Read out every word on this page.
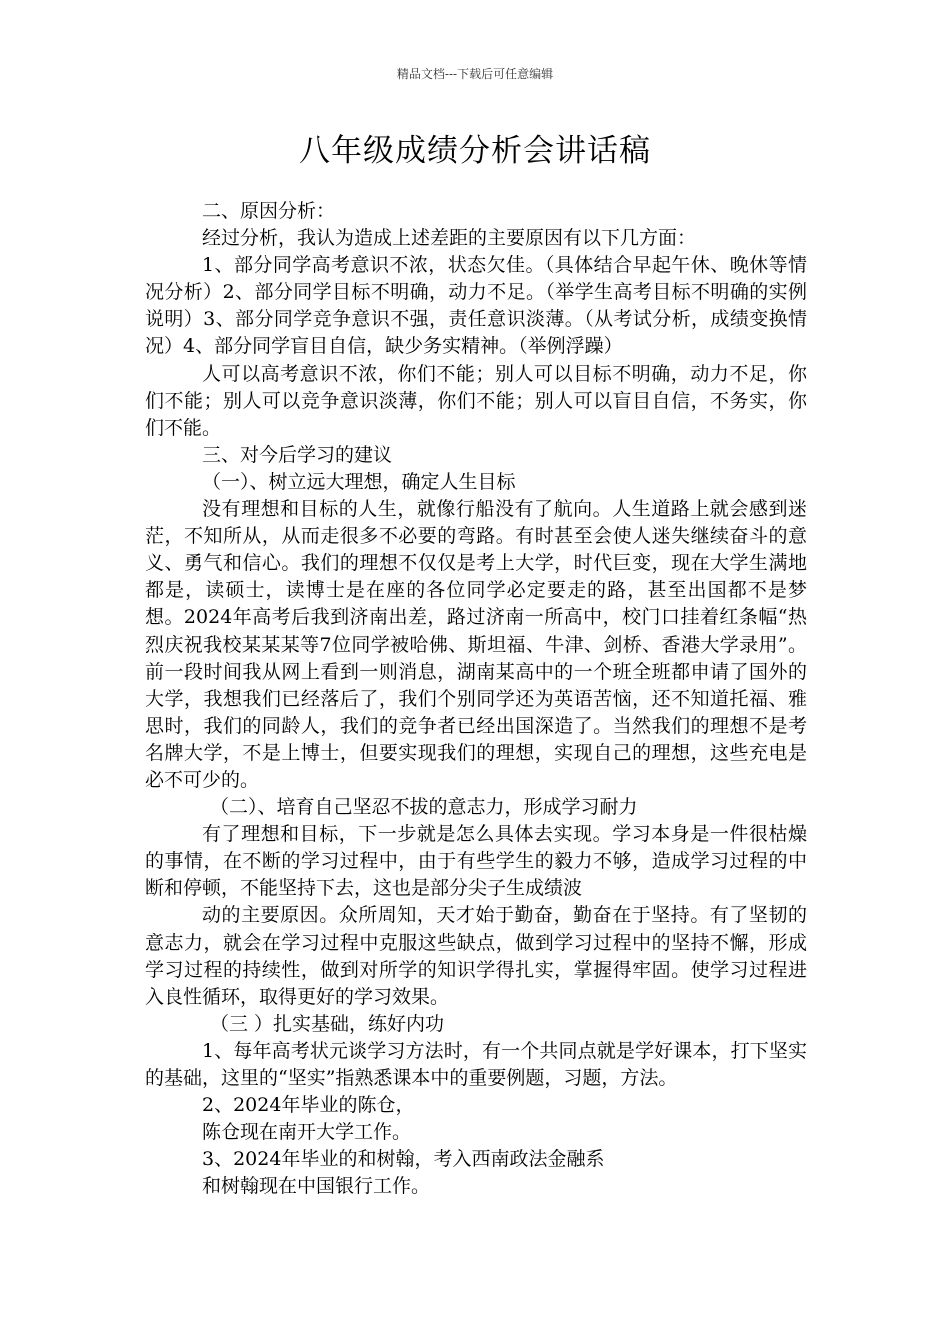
精品文档---下载后可任意编辑
八年级成绩分析会讲话稿

二、原因分析：

经过分析，我认为造成上述差距的主要原因有以下几方面：

1、部分同学高考意识不浓，状态欠佳。（具体结合早起午休、晚休等情况分析）2、部分同学目标不明确，动力不足。（举学生高考目标不明确的实例说明）3、部分同学竞争意识不强，责任意识淡薄。（从考试分析，成绩变换情况）4、部分同学盲目自信，缺少务实精神。（举例浮躁）

人可以高考意识不浓，你们不能；别人可以目标不明确，动力不足，你们不能；别人可以竞争意识淡薄，你们不能；别人可以盲目自信，不务实，你们不能。

三、对今后学习的建议

（一）、树立远大理想，确定人生目标

没有理想和目标的人生，就像行船没有了航向。人生道路上就会感到迷茫，不知所从，从而走很多不必要的弯路。有时甚至会使人迷失继续奋斗的意义、勇气和信心。我们的理想不仅仅是考上大学，时代巨变，现在大学生满地都是，读硕士，读博士是在座的各位同学必定要走的路，甚至出国都不是梦想。2024年高考后我到济南出差，路过济南一所高中，校门口挂着红条幅“热烈庆祝我校某某某等7位同学被哈佛、斯坦福、牛津、剑桥、香港大学录用”。前一段时间我从网上看到一则消息，湖南某高中的一个班全班都申请了国外的大学，我想我们已经落后了，我们个别同学还为英语苦恼，还不知道托福、雅思时，我们的同龄人，我们的竞争者已经出国深造了。当然我们的理想不是考名牌大学，不是上博士，但要实现我们的理想，实现自己的理想，这些充电是必不可少的。

（二）、培育自己坚忍不拔的意志力，形成学习耐力

有了理想和目标，下一步就是怎么具体去实现。学习本身是一件很枯燥的事情，在不断的学习过程中，由于有些学生的毅力不够，造成学习过程的中断和停顿，不能坚持下去，这也是部分尖子生成绩波

动的主要原因。众所周知，天才始于勤奋，勤奋在于坚持。有了坚韧的意志力，就会在学习过程中克服这些缺点，做到学习过程中的坚持不懈，形成学习过程的持续性，做到对所学的知识学得扎实，掌握得牢固。使学习过程进入良性循环，取得更好的学习效果。

（三 ）扎实基础，练好内功

1、每年高考状元谈学习方法时，有一个共同点就是学好课本，打下坚实的基础，这里的“坚实”指熟悉课本中的重要例题，习题，方法。

2、2024年毕业的陈仓，

陈仓现在南开大学工作。

3、2024年毕业的和树翰，考入西南政法金融系

和树翰现在中国银行工作。
